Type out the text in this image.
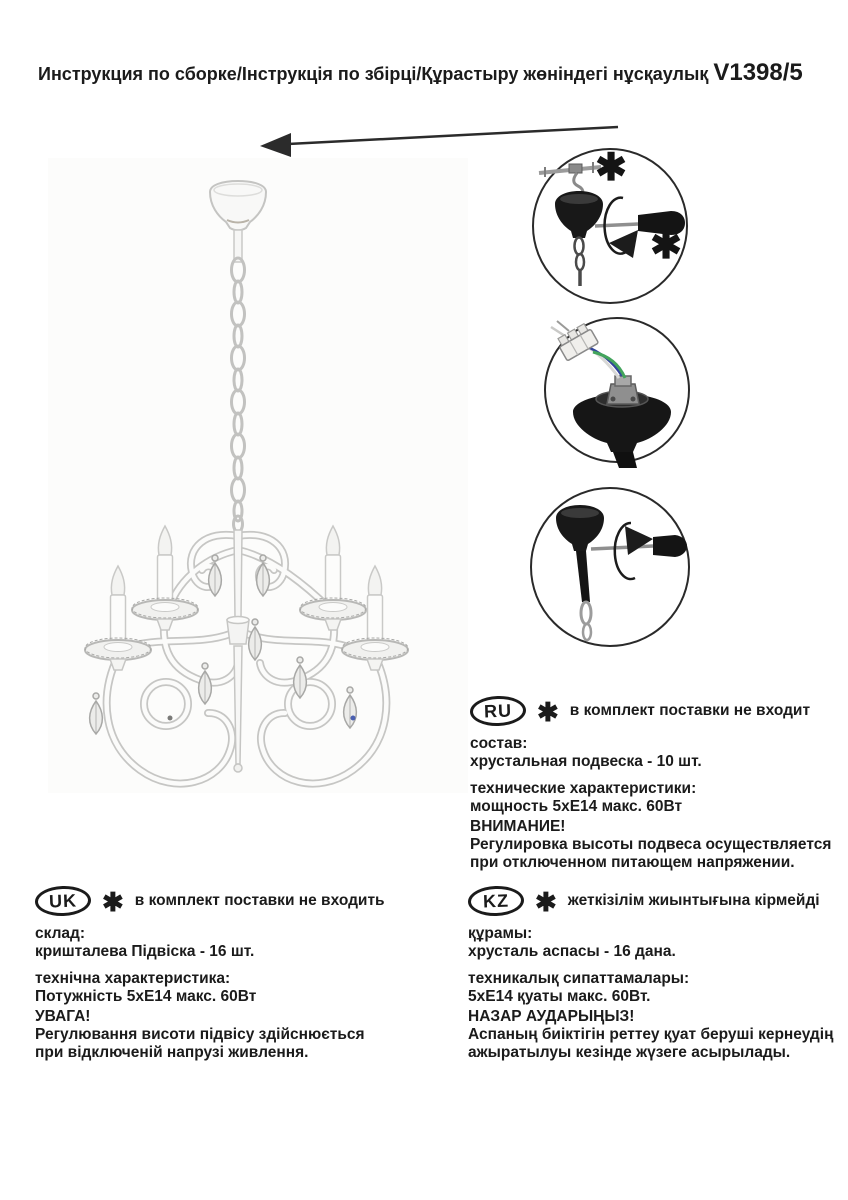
Инструкция по сборке/Інструкція по збірці/Құрастыру жөніндегі нұсқаулық V1398/5
✱
✱
RU ✱ в комплект поставки не входит
состав:
хрустальная подвеска - 10 шт.
технические характеристики:
мощность 5хЕ14 макс. 60Вт
ВНИМАНИЕ!
Регулировка высоты подвеса осуществляется
при отключенном питающем напряжении.
UK ✱ в комплект поставки не входить
склад:
кришталева Підвіска - 16 шт.
технічна характеристика:
Потужність 5хЕ14 макс. 60Вт
УВАГА!
Регулювання висоти підвісу здійснюється
при відключеній напрузі живлення.
KZ ✱ жеткізілім жиынтығына кірмейді
құрамы:
хрусталь аспасы - 16 дана.
техникалық сипаттамалары:
5хЕ14 қуаты макс. 60Вт.
НАЗАР АУДАРЫҢЫЗ!
Аспаның биіктігін реттеу қуат беруші кернеудің
ажыратылуы кезінде жүзеге асырылады.
